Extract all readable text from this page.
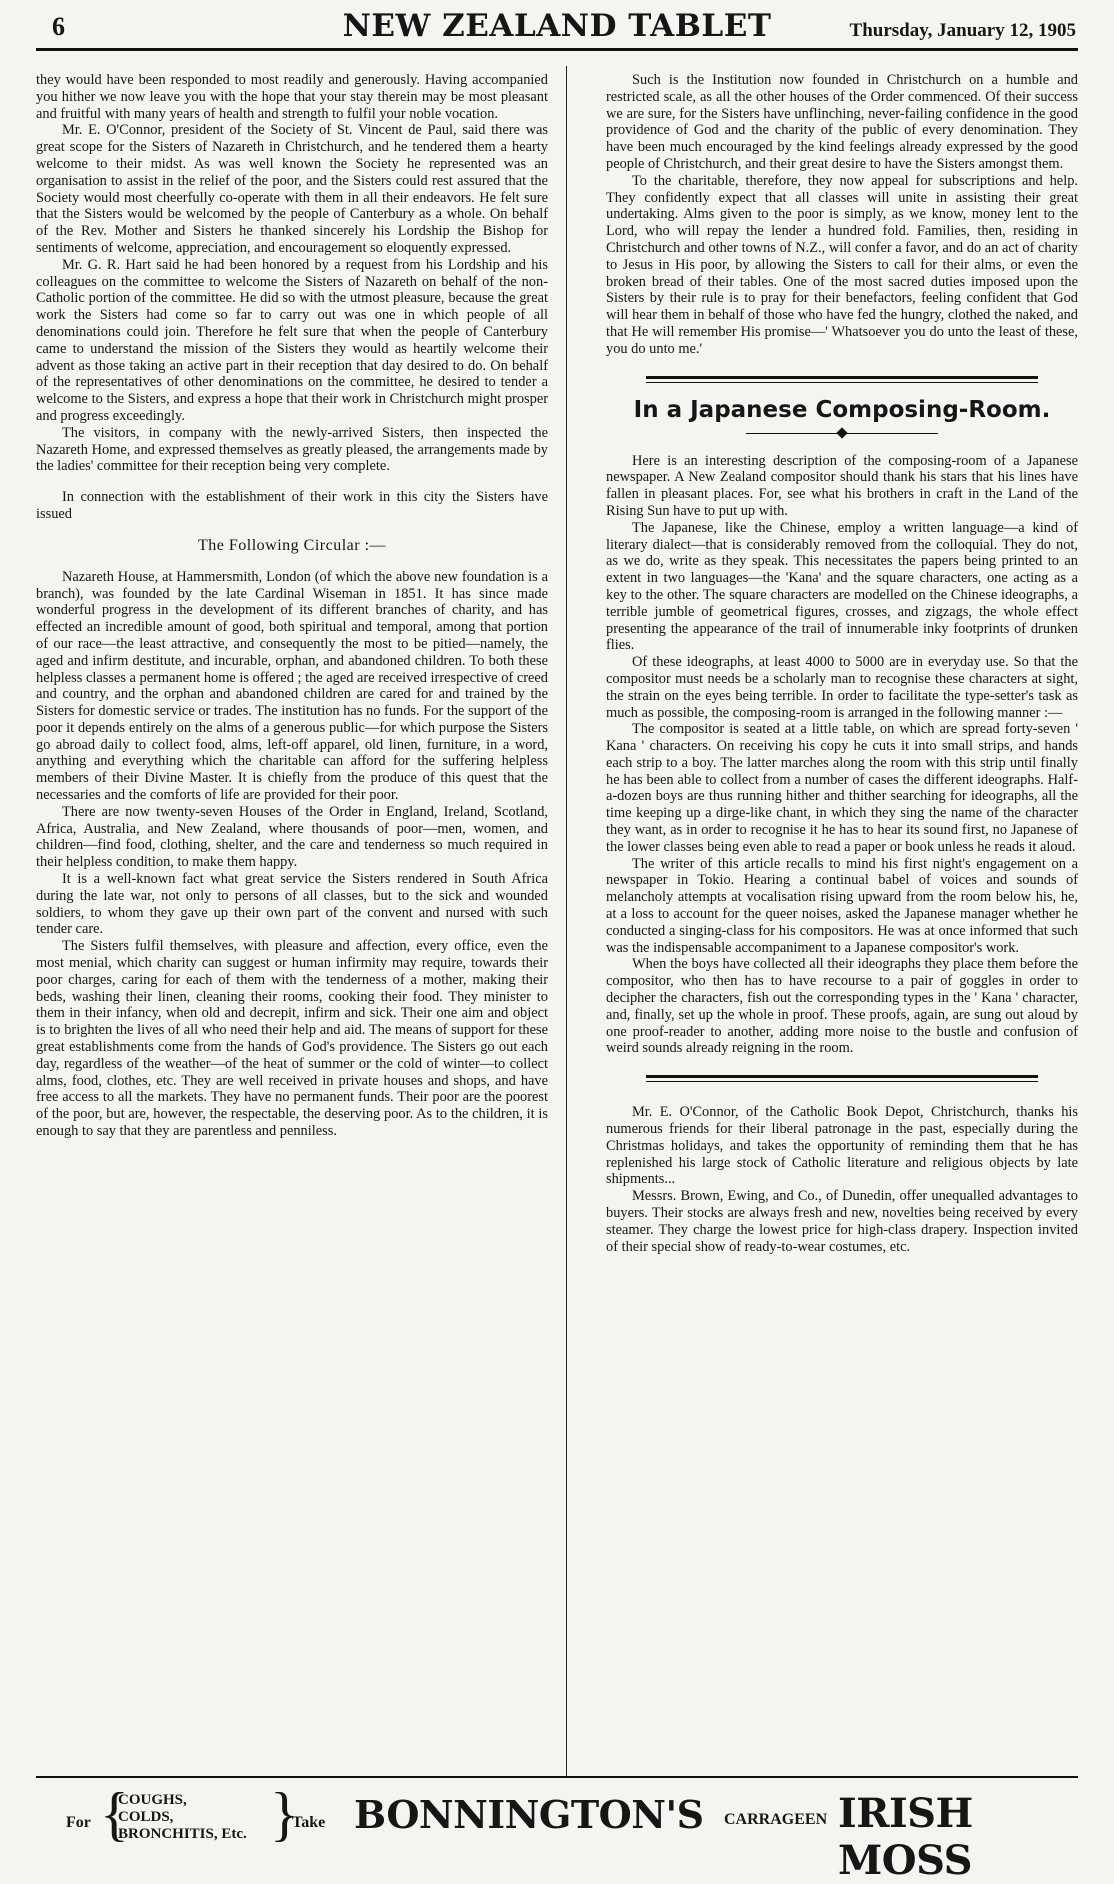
6	NEW ZEALAND TABLET	Thursday, January 12, 1905

they would have been responded to most readily and generously. Having accompanied you hither we now leave you with the hope that your stay therein may be most pleasant and fruitful with many years of health and strength to fulfil your noble vocation.

Mr. E. O'Connor, president of the Society of St. Vincent de Paul, said there was great scope for the Sisters of Nazareth in Christchurch, and he tendered them a hearty welcome to their midst. As was well known the Society he represented was an organisation to assist in the relief of the poor, and the Sisters could rest assured that the Society would most cheerfully co-operate with them in all their endeavors. He felt sure that the Sisters would be welcomed by the people of Canterbury as a whole. On behalf of the Rev. Mother and Sisters he thanked sincerely his Lordship the Bishop for sentiments of welcome, appreciation, and encouragement so eloquently expressed.

Mr. G. R. Hart said he had been honored by a request from his Lordship and his colleagues on the committee to welcome the Sisters of Nazareth on behalf of the non-Catholic portion of the committee. He did so with the utmost pleasure, because the great work the Sisters had come so far to carry out was one in which people of all denominations could join. Therefore he felt sure that when the people of Canterbury came to understand the mission of the Sisters they would as heartily welcome their advent as those taking an active part in their reception that day desired to do. On behalf of the representatives of other denominations on the committee, he desired to tender a welcome to the Sisters, and express a hope that their work in Christchurch might prosper and progress exceedingly.

The visitors, in company with the newly-arrived Sisters, then inspected the Nazareth Home, and expressed themselves as greatly pleased, the arrangements made by the ladies' committee for their reception being very complete.

In connection with the establishment of their work in this city the Sisters have issued

The Following Circular :—

Nazareth House, at Hammersmith, London (of which the above new foundation is a branch), was founded by the late Cardinal Wiseman in 1851. It has since made wonderful progress in the development of its different branches of charity, and has effected an incredible amount of good, both spiritual and temporal, among that portion of our race—the least attractive, and consequently the most to be pitied—namely, the aged and infirm destitute, and incurable, orphan, and abandoned children. To both these helpless classes a permanent home is offered ; the aged are received irrespective of creed and country, and the orphan and abandoned children are cared for and trained by the Sisters for domestic service or trades. The institution has no funds. For the support of the poor it depends entirely on the alms of a generous public—for which purpose the Sisters go abroad daily to collect food, alms, left-off apparel, old linen, furniture, in a word, anything and everything which the charitable can afford for the suffering helpless members of their Divine Master. It is chiefly from the produce of this quest that the necessaries and the comforts of life are provided for their poor.

There are now twenty-seven Houses of the Order in England, Ireland, Scotland, Africa, Australia, and New Zealand, where thousands of poor—men, women, and children—find food, clothing, shelter, and the care and tenderness so much required in their helpless condition, to make them happy.

It is a well-known fact what great service the Sisters rendered in South Africa during the late war, not only to persons of all classes, but to the sick and wounded soldiers, to whom they gave up their own part of the convent and nursed with such tender care.

The Sisters fulfil themselves, with pleasure and affection, every office, even the most menial, which charity can suggest or human infirmity may require, towards their poor charges, caring for each of them with the tenderness of a mother, making their beds, washing their linen, cleaning their rooms, cooking their food. They minister to them in their infancy, when old and decrepit, infirm and sick. Their one aim and object is to brighten the lives of all who need their help and aid. The means of support for these great establishments come from the hands of God's providence. The Sisters go out each day, regardless of the weather—of the heat of summer or the cold of winter—to collect alms, food, clothes, etc. They are well received in private houses and shops, and have free access to all the markets. They have no permanent funds. Their poor are the poorest of the poor, but are, however, the respectable, the deserving poor. As to the children, it is enough to say that they are parentless and penniless.

Such is the Institution now founded in Christchurch on a humble and restricted scale, as all the other houses of the Order commenced. Of their success we are sure, for the Sisters have unflinching, never-failing confidence in the good providence of God and the charity of the public of every denomination. They have been much encouraged by the kind feelings already expressed by the good people of Christchurch, and their great desire to have the Sisters amongst them.

To the charitable, therefore, they now appeal for subscriptions and help. They confidently expect that all classes will unite in assisting their great undertaking. Alms given to the poor is simply, as we know, money lent to the Lord, who will repay the lender a hundred fold. Families, then, residing in Christchurch and other towns of N.Z., will confer a favor, and do an act of charity to Jesus in His poor, by allowing the Sisters to call for their alms, or even the broken bread of their tables. One of the most sacred duties imposed upon the Sisters by their rule is to pray for their benefactors, feeling confident that God will hear them in behalf of those who have fed the hungry, clothed the naked, and that He will remember His promise—' Whatsoever you do unto the least of these, you do unto me.'

In a Japanese Composing-Room.

Here is an interesting description of the composing-room of a Japanese newspaper. A New Zealand compositor should thank his stars that his lines have fallen in pleasant places. For, see what his brothers in craft in the Land of the Rising Sun have to put up with.

The Japanese, like the Chinese, employ a written language—a kind of literary dialect—that is considerably removed from the colloquial. They do not, as we do, write as they speak. This necessitates the papers being printed to an extent in two languages—the 'Kana' and the square characters, one acting as a key to the other. The square characters are modelled on the Chinese ideographs, a terrible jumble of geometrical figures, crosses, and zigzags, the whole effect presenting the appearance of the trail of innumerable inky footprints of drunken flies.

Of these ideographs, at least 4000 to 5000 are in everyday use. So that the compositor must needs be a scholarly man to recognise these characters at sight, the strain on the eyes being terrible. In order to facilitate the type-setter's task as much as possible, the composing-room is arranged in the following manner :—

The compositor is seated at a little table, on which are spread forty-seven ' Kana ' characters. On receiving his copy he cuts it into small strips, and hands each strip to a boy. The latter marches along the room with this strip until finally he has been able to collect from a number of cases the different ideographs. Half-a-dozen boys are thus running hither and thither searching for ideographs, all the time keeping up a dirge-like chant, in which they sing the name of the character they want, as in order to recognise it he has to hear its sound first, no Japanese of the lower classes being even able to read a paper or book unless he reads it aloud.

The writer of this article recalls to mind his first night's engagement on a newspaper in Tokio. Hearing a continual babel of voices and sounds of melancholy attempts at vocalisation rising upward from the room below his, he, at a loss to account for the queer noises, asked the Japanese manager whether he conducted a singing-class for his compositors. He was at once informed that such was the indispensable accompaniment to a Japanese compositor's work.

When the boys have collected all their ideographs they place them before the compositor, who then has to have recourse to a pair of goggles in order to decipher the characters, fish out the corresponding types in the ' Kana ' character, and, finally, set up the whole in proof. These proofs, again, are sung out aloud by one proof-reader to another, adding more noise to the bustle and confusion of weird sounds already reigning in the room.

Mr. E. O'Connor, of the Catholic Book Depot, Christchurch, thanks his numerous friends for their liberal patronage in the past, especially during the Christmas holidays, and takes the opportunity of reminding them that he has replenished his large stock of Catholic literature and religious objects by late shipments...

Messrs. Brown, Ewing, and Co., of Dunedin, offer unequalled advantages to buyers. Their stocks are always fresh and new, novelties being received by every steamer. They charge the lowest price for high-class drapery. Inspection invited of their special show of ready-to-wear costumes, etc.

For {
COUGHS,
COLDS,
BRONCHITIS, Etc. }
Take BONNINGTON'S CARRAGEEN IRISH MOSS
